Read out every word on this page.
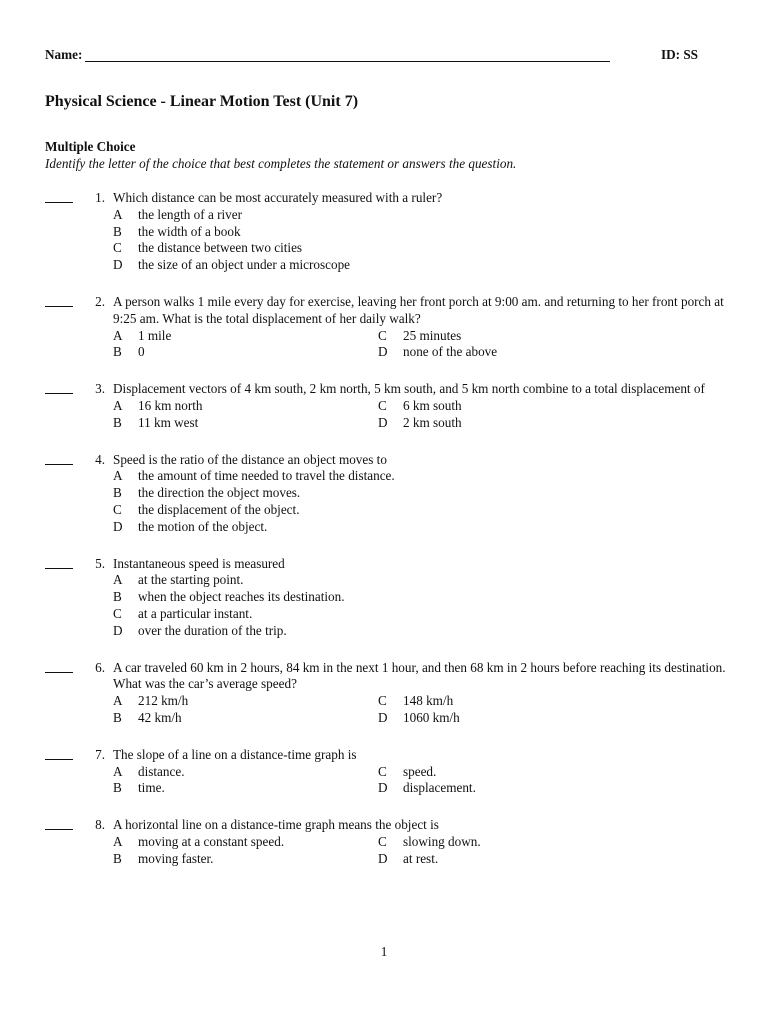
Name:	ID: SS
Physical Science - Linear Motion Test (Unit 7)
Multiple Choice
Identify the letter of the choice that best completes the statement or answers the question.
1. Which distance can be most accurately measured with a ruler?
A	the length of a river
B	the width of a book
C	the distance between two cities
D	the size of an object under a microscope
2. A person walks 1 mile every day for exercise, leaving her front porch at 9:00 am. and returning to her front porch at 9:25 am. What is the total displacement of her daily walk?
A	1 mile	C	25 minutes
B	0	D	none of the above
3. Displacement vectors of 4 km south, 2 km north, 5 km south, and 5 km north combine to a total displacement of
A	16 km north	C	6 km south
B	11 km west	D	2 km south
4. Speed is the ratio of the distance an object moves to
A	the amount of time needed to travel the distance.
B	the direction the object moves.
C	the displacement of the object.
D	the motion of the object.
5. Instantaneous speed is measured
A	at the starting point.
B	when the object reaches its destination.
C	at a particular instant.
D	over the duration of the trip.
6. A car traveled 60 km in 2 hours, 84 km in the next 1 hour, and then 68 km in 2 hours before reaching its destination. What was the car’s average speed?
A	212 km/h	C	148 km/h
B	42 km/h	D	1060 km/h
7. The slope of a line on a distance-time graph is
A	distance.	C	speed.
B	time.	D	displacement.
8. A horizontal line on a distance-time graph means the object is
A	moving at a constant speed.	C	slowing down.
B	moving faster.	D	at rest.
1
